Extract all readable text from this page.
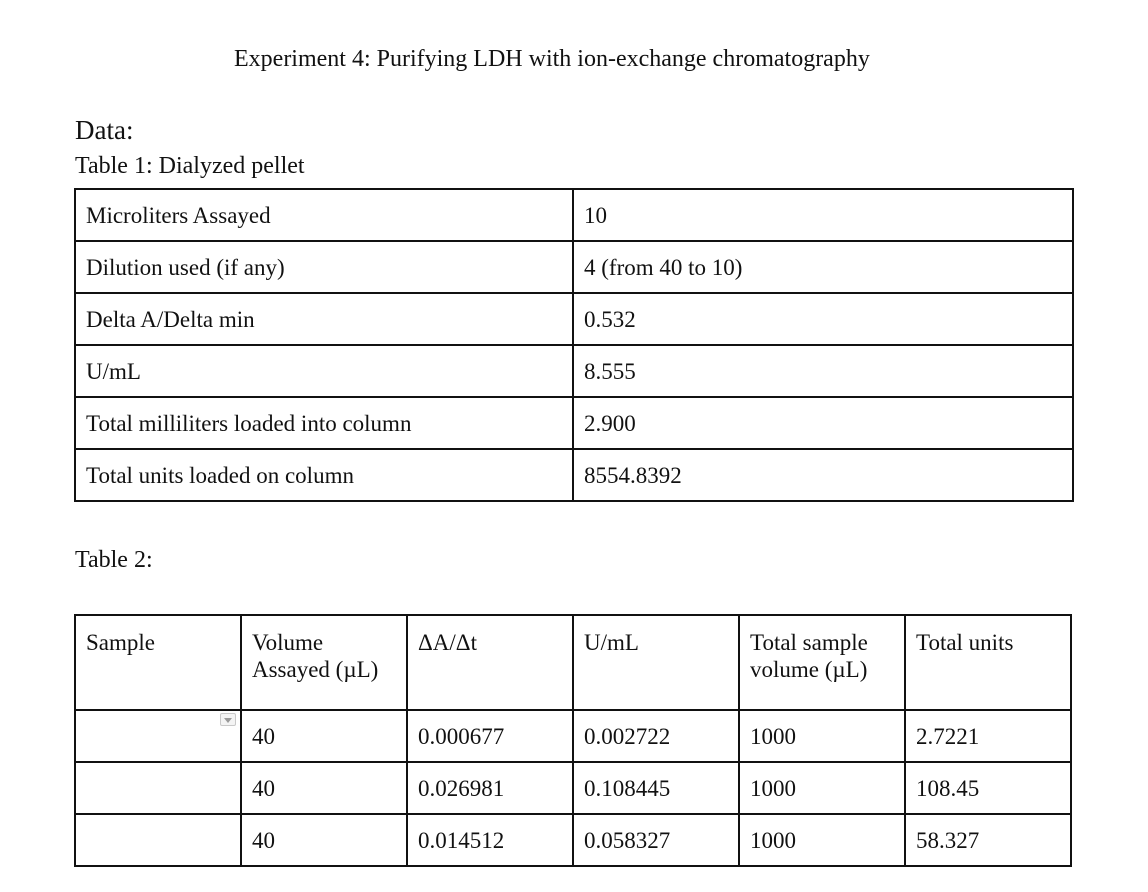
Experiment 4: Purifying LDH with ion-exchange chromatography
Data:
Table 1: Dialyzed pellet
Microliters Assayed	10
Dilution used (if any)	4 (from 40 to 10)
Delta A/Delta min	0.532
U/mL	8.555
Total milliliters loaded into column	2.900
Total units loaded on column	8554.8392
Table 2:
Sample	Volume Assayed (µL)	ΔA/Δt	U/mL	Total sample volume (µL)	Total units

	40	0.000677	0.002722	1000	2.7221
	40	0.026981	0.108445	1000	108.45
	40	0.014512	0.058327	1000	58.327
